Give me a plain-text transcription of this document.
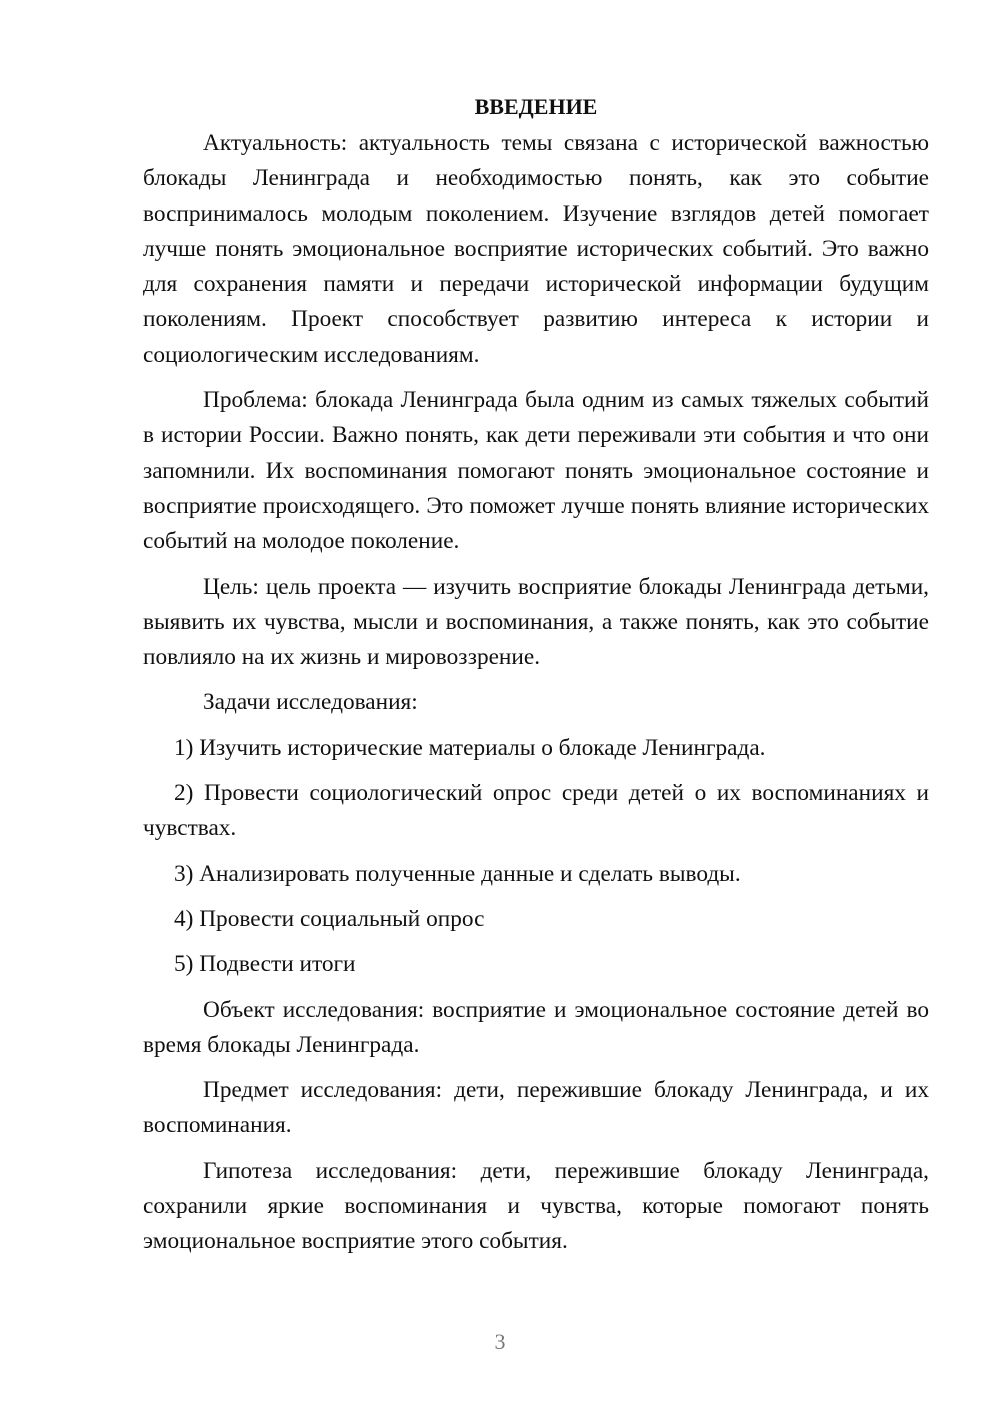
ВВЕДЕНИЕ

Актуальность: актуальность темы связана с исторической важностью блокады Ленинграда и необходимостью понять, как это событие воспринималось молодым поколением. Изучение взглядов детей помогает лучше понять эмоциональное восприятие исторических событий. Это важно для сохранения памяти и передачи исторической информации будущим поколениям. Проект способствует развитию интереса к истории и социологическим исследованиям.

Проблема: блокада Ленинграда была одним из самых тяжелых событий в истории России. Важно понять, как дети переживали эти события и что они запомнили. Их воспоминания помогают понять эмоциональное состояние и восприятие происходящего. Это поможет лучше понять влияние исторических событий на молодое поколение.

Цель: цель проекта — изучить восприятие блокады Ленинграда детьми, выявить их чувства, мысли и воспоминания, а также понять, как это событие повлияло на их жизнь и мировоззрение.

Задачи исследования:

1) Изучить исторические материалы о блокаде Ленинграда.

2) Провести социологический опрос среди детей о их воспоминаниях и чувствах.

3) Анализировать полученные данные и сделать выводы.

4) Провести социальный опрос

5) Подвести итоги

Объект исследования: восприятие и эмоциональное состояние детей во время блокады Ленинграда.

Предмет исследования: дети, пережившие блокаду Ленинграда, и их воспоминания.

Гипотеза исследования: дети, пережившие блокаду Ленинграда, сохранили яркие воспоминания и чувства, которые помогают понять эмоциональное восприятие этого события.

3
